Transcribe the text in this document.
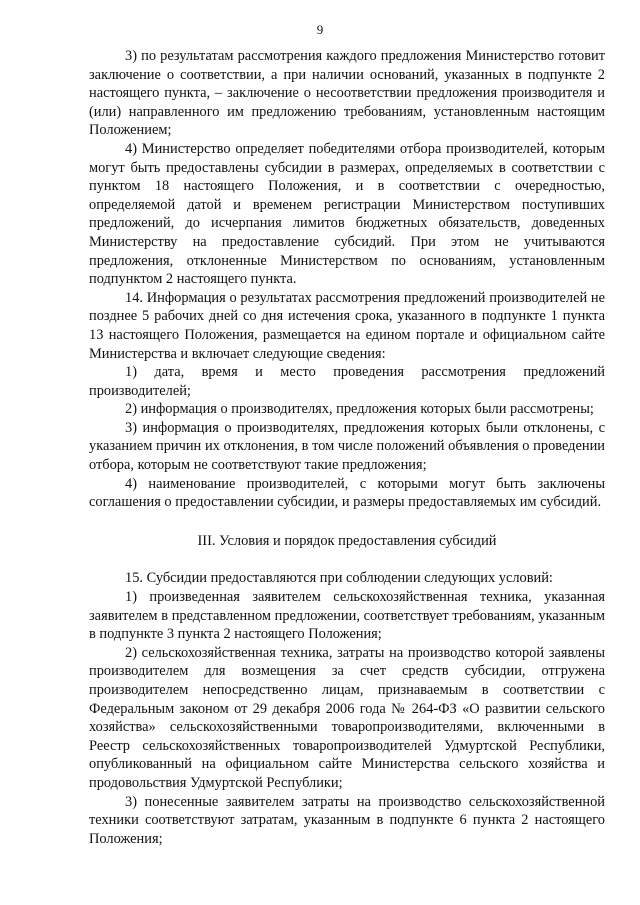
9

3) по результатам рассмотрения каждого предложения Министерство готовит заключение о соответствии, а при наличии оснований, указанных в подпункте 2 настоящего пункта, – заключение о несоответствии предложения производителя и (или) направленного им предложению требованиям, установленным настоящим Положением;

4) Министерство определяет победителями отбора производителей, которым могут быть предоставлены субсидии в размерах, определяемых в соответствии с пунктом 18 настоящего Положения, и в соответствии с очередностью, определяемой датой и временем регистрации Министерством поступивших предложений, до исчерпания лимитов бюджетных обязательств, доведенных Министерству на предоставление субсидий. При этом не учитываются предложения, отклоненные Министерством по основаниям, установленным подпунктом 2 настоящего пункта.

14. Информация о результатах рассмотрения предложений производителей не позднее 5 рабочих дней со дня истечения срока, указанного в подпункте 1 пункта 13 настоящего Положения, размещается на едином портале и официальном сайте Министерства и включает следующие сведения:

1) дата, время и место проведения рассмотрения предложений производителей;

2) информация о производителях, предложения которых были рассмотрены;

3) информация о производителях, предложения которых были отклонены, с указанием причин их отклонения, в том числе положений объявления о проведении отбора, которым не соответствуют такие предложения;

4) наименование производителей, с которыми могут быть заключены соглашения о предоставлении субсидии, и размеры предоставляемых им субсидий.

III. Условия и порядок предоставления субсидий

15. Субсидии предоставляются при соблюдении следующих условий:

1) произведенная заявителем сельскохозяйственная техника, указанная заявителем в представленном предложении, соответствует требованиям, указанным в подпункте 3 пункта 2 настоящего Положения;

2) сельскохозяйственная техника, затраты на производство которой заявлены производителем для возмещения за счет средств субсидии, отгружена производителем непосредственно лицам, признаваемым в соответствии с Федеральным законом от 29 декабря 2006 года № 264-ФЗ «О развитии сельского хозяйства» сельскохозяйственными товаропроизводителями, включенными в Реестр сельскохозяйственных товаропроизводителей Удмуртской Республики, опубликованный на официальном сайте Министерства сельского хозяйства и продовольствия Удмуртской Республики;

3) понесенные заявителем затраты на производство сельскохозяйственной техники соответствуют затратам, указанным в подпункте 6 пункта 2 настоящего Положения;
